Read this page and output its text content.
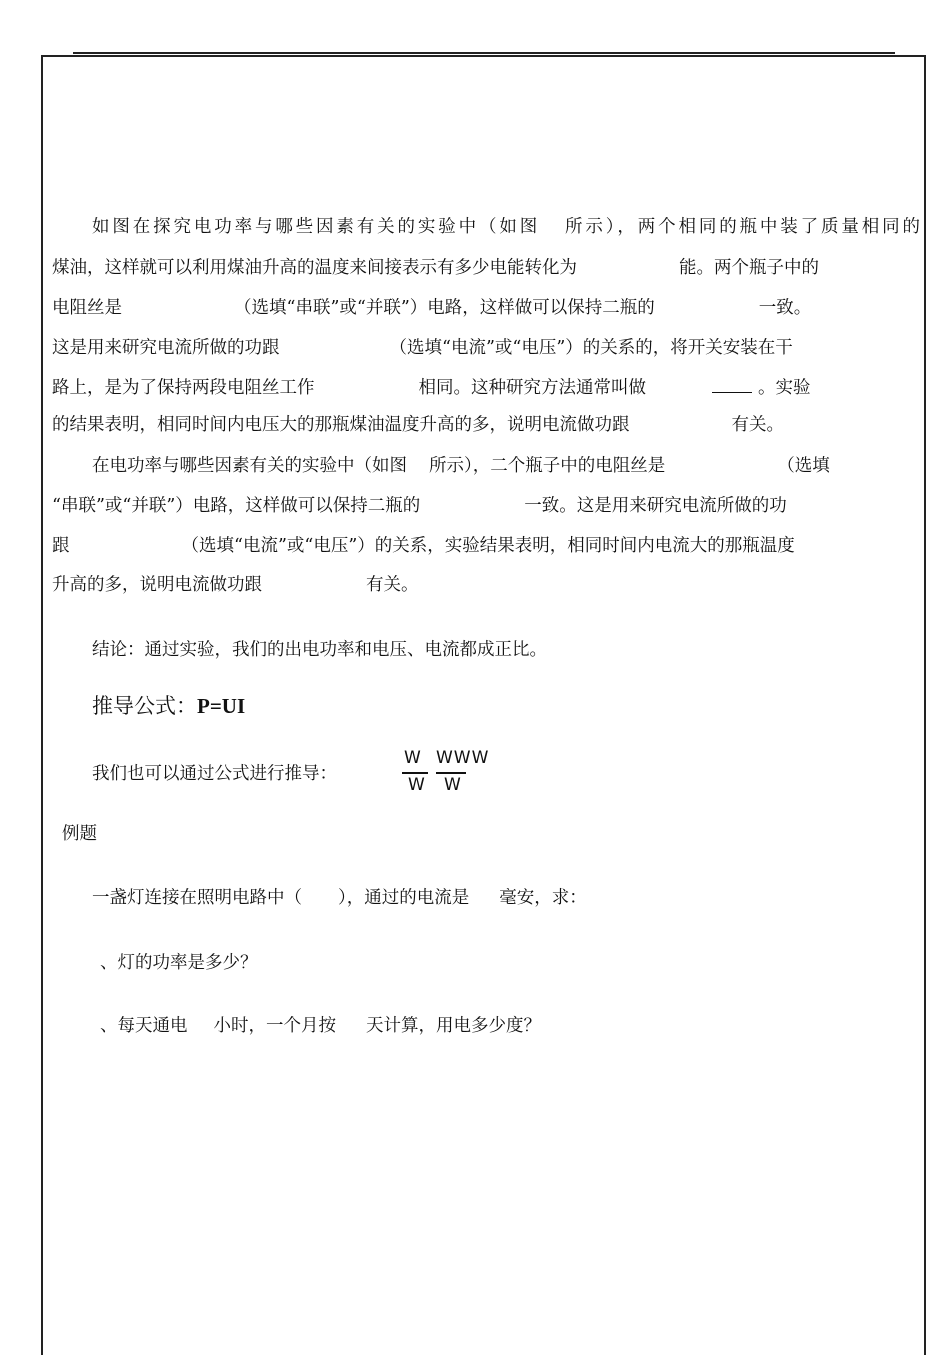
如图在探究电功率与哪些因素有关的实验中（如图 所示），两个相同的瓶中装了质量相同的
煤油，这样就可以利用煤油升高的温度来间接表示有多少电能转化为	能。两个瓶子中的
电阻丝是	（选填“串联”或“并联”）电路，这样做可以保持二瓶的	一致。
这是用来研究电流所做的功跟	（选填“电流”或“电压”）的关系的，将开关安装在干
路上，是为了保持两段电阻丝工作	相同。这种研究方法通常叫做	。实验
的结果表明，相同时间内电压大的那瓶煤油温度升高的多，说明电流做功跟	有关。
在电功率与哪些因素有关的实验中（如图 所示），二个瓶子中的电阻丝是	（选填
“串联”或“并联”）电路，这样做可以保持二瓶的	一致。这是用来研究电流所做的功
跟	（选填“电流”或“电压”）的关系，实验结果表明，相同时间内电流大的那瓶温度
升高的多，说明电流做功跟	有关。
结论：通过实验，我们的出电功率和电压、电流都成正比。
推导公式：P=UI
我们也可以通过公式进行推导：
W
W
WWW
W
例题
一盏灯连接在照明电路中（ ），通过的电流是 毫安，求：
、灯的功率是多少？
、每天通电 小时，一个月按 天计算，用电多少度？
